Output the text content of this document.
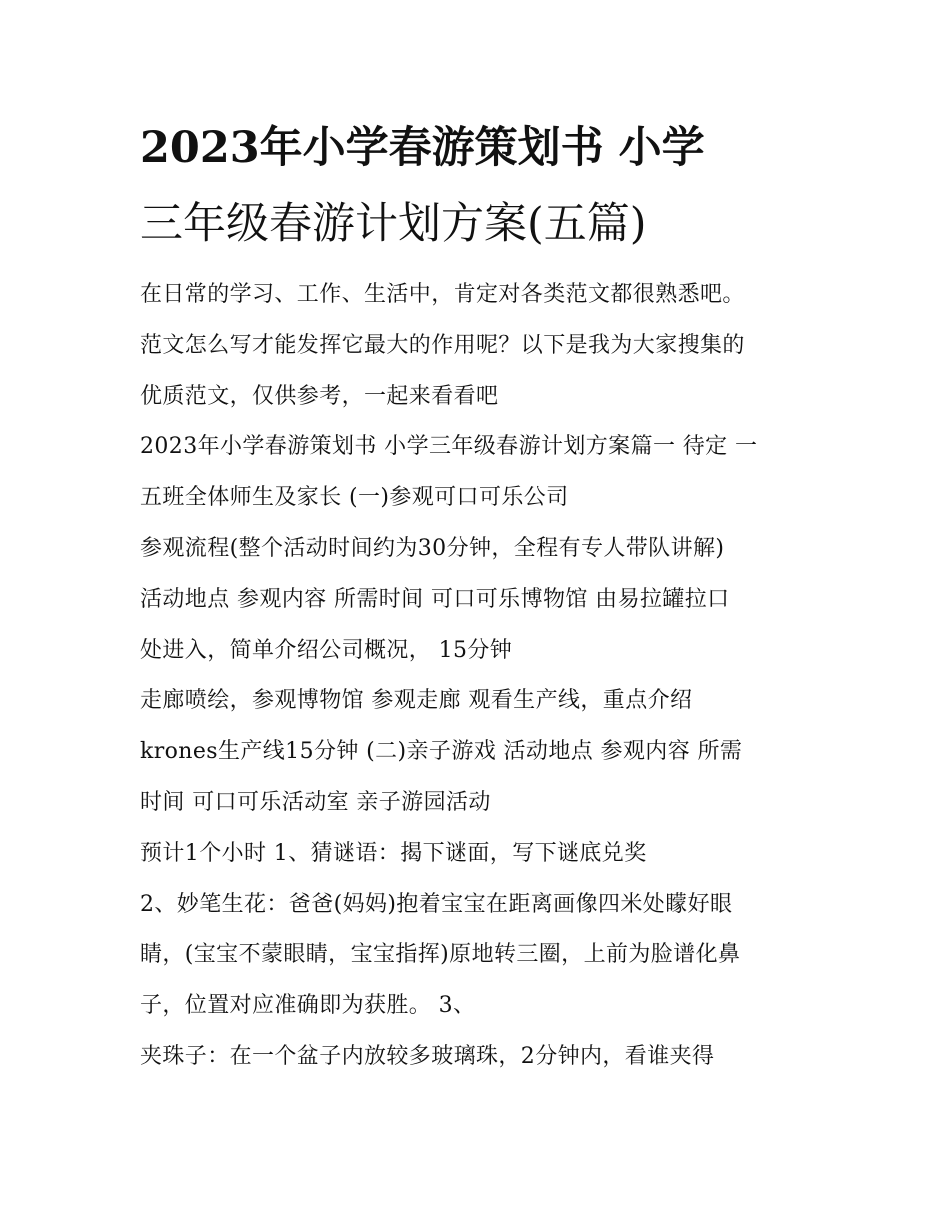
2023年小学春游策划书 小学
三年级春游计划方案(五篇)
在日常的学习、工作、生活中，肯定对各类范文都很熟悉吧。
范文怎么写才能发挥它最大的作用呢？以下是我为大家搜集的
优质范文，仅供参考，一起来看看吧
2023年小学春游策划书 小学三年级春游计划方案篇一 待定 一
五班全体师生及家长 (一)参观可口可乐公司
参观流程(整个活动时间约为30分钟，全程有专人带队讲解)
活动地点 参观内容 所需时间 可口可乐博物馆 由易拉罐拉口
处进入，简单介绍公司概况， 15分钟
走廊喷绘，参观博物馆 参观走廊 观看生产线，重点介绍
krones生产线15分钟 (二)亲子游戏 活动地点 参观内容 所需
时间 可口可乐活动室 亲子游园活动
预计1个小时 1、猜谜语：揭下谜面，写下谜底兑奖
2、妙笔生花：爸爸(妈妈)抱着宝宝在距离画像四米处矇好眼
睛，(宝宝不蒙眼睛，宝宝指挥)原地转三圈，上前为脸谱化鼻
子，位置对应准确即为获胜。 3、
夹珠子：在一个盆子内放较多玻璃珠，2分钟内，看谁夹得
